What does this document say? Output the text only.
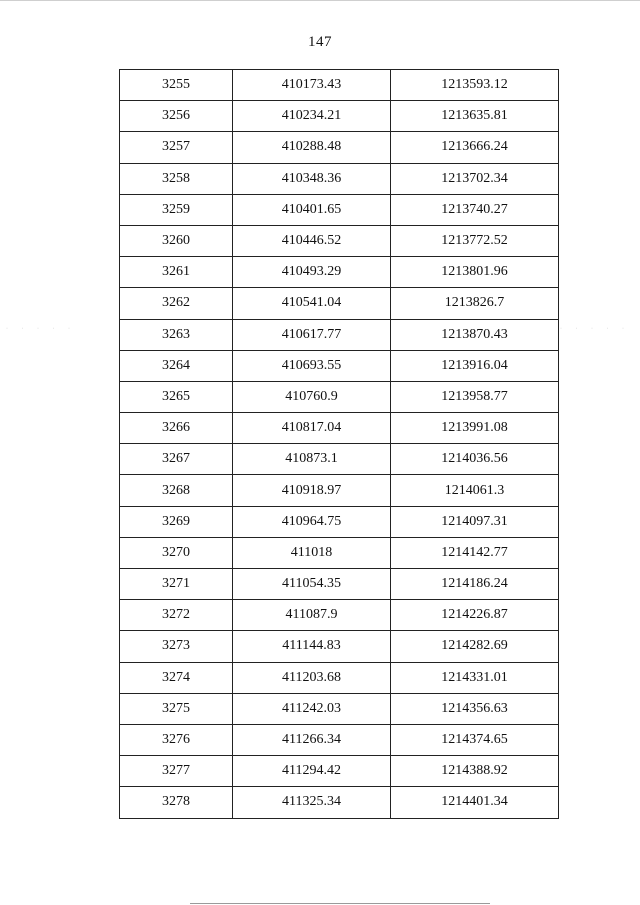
147
· · · · ·	· · · · ·
3255	410173.43	1213593.12
3256	410234.21	1213635.81
3257	410288.48	1213666.24
3258	410348.36	1213702.34
3259	410401.65	1213740.27
3260	410446.52	1213772.52
3261	410493.29	1213801.96
3262	410541.04	1213826.7
3263	410617.77	1213870.43
3264	410693.55	1213916.04
3265	410760.9	1213958.77
3266	410817.04	1213991.08
3267	410873.1	1214036.56
3268	410918.97	1214061.3
3269	410964.75	1214097.31
3270	411018	1214142.77
3271	411054.35	1214186.24
3272	411087.9	1214226.87
3273	411144.83	1214282.69
3274	411203.68	1214331.01
3275	411242.03	1214356.63
3276	411266.34	1214374.65
3277	411294.42	1214388.92
3278	411325.34	1214401.34
